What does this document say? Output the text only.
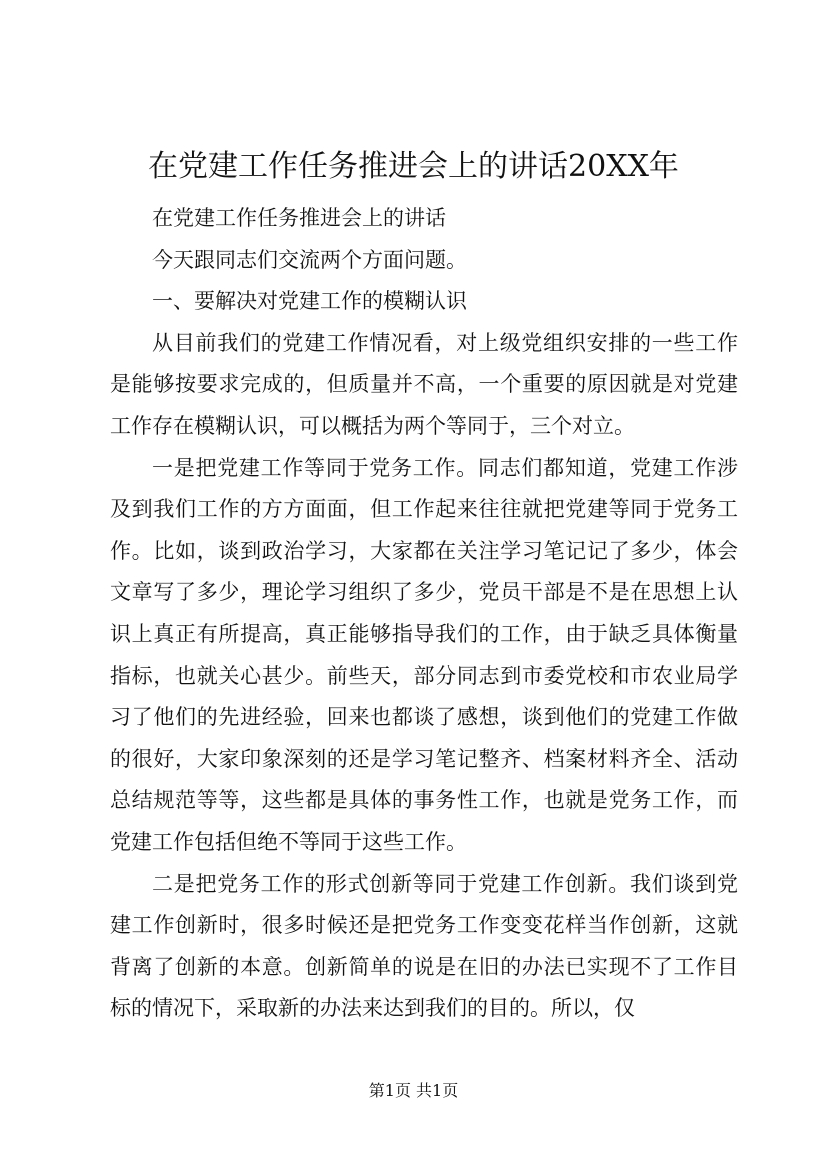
在党建工作任务推进会上的讲话20XX年

在党建工作任务推进会上的讲话

今天跟同志们交流两个方面问题。

一、要解决对党建工作的模糊认识

从目前我们的党建工作情况看，对上级党组织安排的一些工作是能够按要求完成的，但质量并不高，一个重要的原因就是对党建工作存在模糊认识，可以概括为两个等同于，三个对立。

一是把党建工作等同于党务工作。同志们都知道，党建工作涉及到我们工作的方方面面，但工作起来往往就把党建等同于党务工作。比如，谈到政治学习，大家都在关注学习笔记记了多少，体会文章写了多少，理论学习组织了多少，党员干部是不是在思想上认识上真正有所提高，真正能够指导我们的工作，由于缺乏具体衡量指标，也就关心甚少。前些天，部分同志到市委党校和市农业局学习了他们的先进经验，回来也都谈了感想，谈到他们的党建工作做的很好，大家印象深刻的还是学习笔记整齐、档案材料齐全、活动总结规范等等，这些都是具体的事务性工作，也就是党务工作，而党建工作包括但绝不等同于这些工作。

二是把党务工作的形式创新等同于党建工作创新。我们谈到党建工作创新时，很多时候还是把党务工作变变花样当作创新，这就背离了创新的本意。创新简单的说是在旧的办法已实现不了工作目标的情况下，采取新的办法来达到我们的目的。所以，仅

第1页 共1页
